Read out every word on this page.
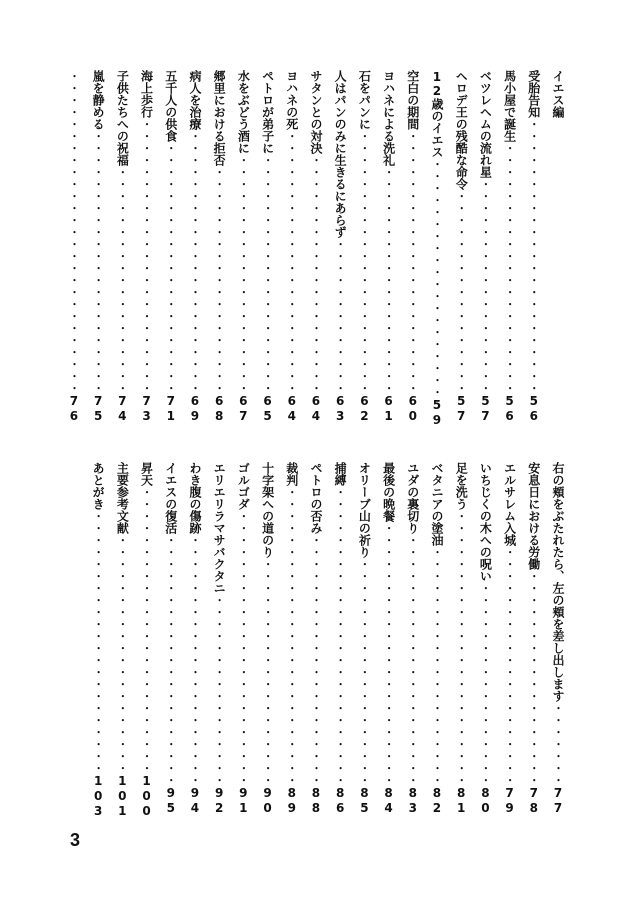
イエス編
受胎告知・・・・・・・・・・・・・・・・・・・・・・・56
馬小屋で誕生・・・・・・・・・・・・・・・・・・・・・56
ベツレヘムの流れ星・・・・・・・・・・・・・・・・・・57
ヘロデ王の残酷な命令・・・・・・・・・・・・・・・・・57
12歳のイエス・・・・・・・・・・・・・・・・・・・・59
空白の期間・・・・・・・・・・・・・・・・・・・・・・60
ヨハネによる洗礼・・・・・・・・・・・・・・・・・・・61
石をパンに・・・・・・・・・・・・・・・・・・・・・・62
人はパンのみに生きるにあらず・・・・・・・・・・・・・63
サタンとの対決・・・・・・・・・・・・・・・・・・・・64
ヨハネの死・・・・・・・・・・・・・・・・・・・・・・64
ペトロが弟子に・・・・・・・・・・・・・・・・・・・・65
水をぶどう酒に・・・・・・・・・・・・・・・・・・・・67
郷里における拒否・・・・・・・・・・・・・・・・・・・68
病人を治療・・・・・・・・・・・・・・・・・・・・・・69
五千人の供食・・・・・・・・・・・・・・・・・・・・・71
海上歩行・・・・・・・・・・・・・・・・・・・・・・・73
子供たちへの祝福・・・・・・・・・・・・・・・・・・・74
嵐を静める・・・・・・・・・・・・・・・・・・・・・・75
・・・・・・・・・・・・・・・・・・・・・・・・・・・76
右の頬をぶたれたら、左の頬を差し出します・・・・・・・77
安息日における労働・・・・・・・・・・・・・・・・・・78
エルサレム入城・・・・・・・・・・・・・・・・・・・・79
いちじくの木への呪い・・・・・・・・・・・・・・・・・80
足を洗う・・・・・・・・・・・・・・・・・・・・・・・81
ベタニアの塗油・・・・・・・・・・・・・・・・・・・・82
ユダの裏切り・・・・・・・・・・・・・・・・・・・・・83
最後の晩餐・・・・・・・・・・・・・・・・・・・・・・84
オリーブ山の祈り・・・・・・・・・・・・・・・・・・・85
捕縛・・・・・・・・・・・・・・・・・・・・・・・・・86
ペトロの否み・・・・・・・・・・・・・・・・・・・・・88
裁判・・・・・・・・・・・・・・・・・・・・・・・・・89
十字架への道のり・・・・・・・・・・・・・・・・・・・90
ゴルゴダ・・・・・・・・・・・・・・・・・・・・・・・91
エリエリラマサバクタニ・・・・・・・・・・・・・・・・92
わき腹の傷跡・・・・・・・・・・・・・・・・・・・・・94
イエスの復活・・・・・・・・・・・・・・・・・・・・・95
昇天・・・・・・・・・・・・・・・・・・・・・・・・100
主要参考文献・・・・・・・・・・・・・・・・・・・・101
あとがき・・・・・・・・・・・・・・・・・・・・・・103
3
